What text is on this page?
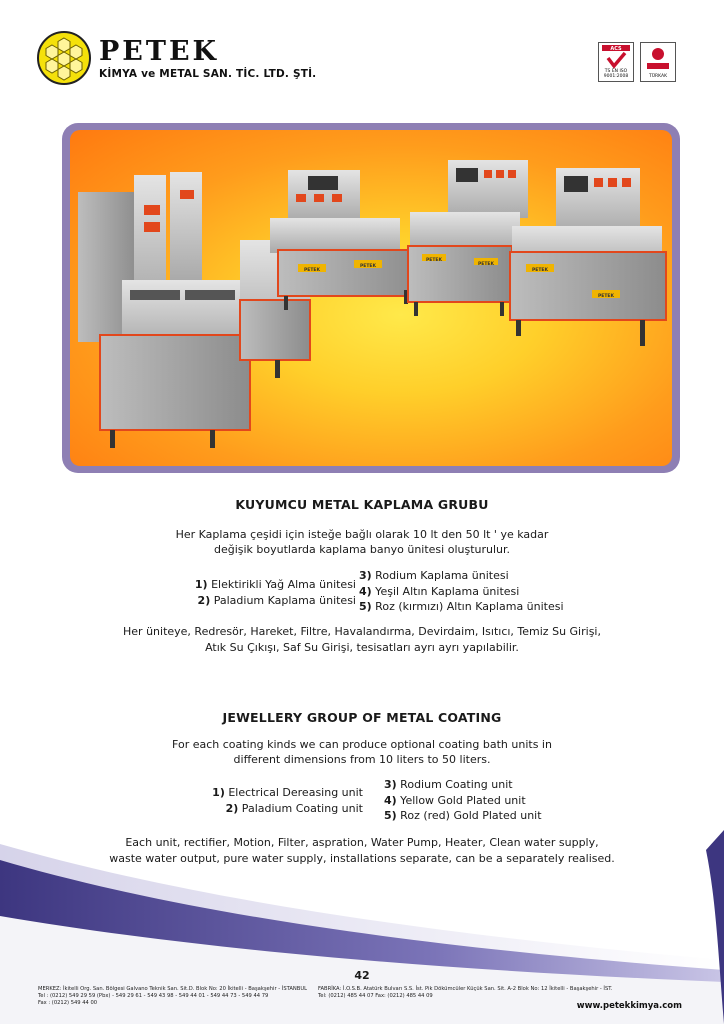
PETEK
KİMYA ve METAL SAN. TİC. LTD. ŞTİ.
ACS
TS EN ISO 9001:2008	TÜRKAK
PETEK
PETEK
PETEK
PETEK
PETEK
PETEK
KUYUMCU METAL KAPLAMA GRUBU
Her Kaplama çeşidi için isteğe bağlı olarak 10 lt den 50 lt ' ye kadar
değişik boyutlarda kaplama banyo ünitesi oluşturulur.
1) Elektirikli Yağ Alma ünitesi
2) Paladium Kaplama ünitesi
3) Rodium Kaplama ünitesi
4) Yeşil Altın Kaplama ünitesi
5) Roz (kırmızı) Altın Kaplama ünitesi
Her üniteye, Redresör, Hareket, Filtre, Havalandırma, Devirdaim, Isıtıcı, Temiz Su Girişi,
Atık Su Çıkışı, Saf Su Girişi, tesisatları ayrı ayrı yapılabilir.
JEWELLERY GROUP OF METAL COATING
For each coating kinds we can produce optional coating bath units in
different dimensions from 10 liters to 50 liters.
1) Electrical Dereasing unit
2) Paladium Coating unit
3) Rodium Coating unit
4) Yellow Gold Plated unit
5) Roz (red) Gold Plated unit
Each unit, rectifier, Motion, Filter, aspration, Water Pump, Heater, Clean water supply,
waste water output, pure water supply, installations separate, can be a separately realised.
42
MERKEZ: İkitelli Org. San. Bölgesi Galvano Teknik San. Sit.D. Blok No: 20 İkitelli - Başakşehir - İSTANBUL
Tel : (0212) 549 29 59 (Pbx) - 549 29 61 - 549 43 98 - 549 44 01 - 549 44 73 - 549 44 79
Fax : (0212) 549 44 00
FABRİKA: İ.O.S.B. Atatürk Bulvarı S.S. İst. Pik Dökümcüler Küçük San. Sit. A-2 Blok No: 12 İkitelli - Başakşehir - İST.
Tel: (0212) 485 44 07 Fax: (0212) 485 44 09
www.petekkimya.com
